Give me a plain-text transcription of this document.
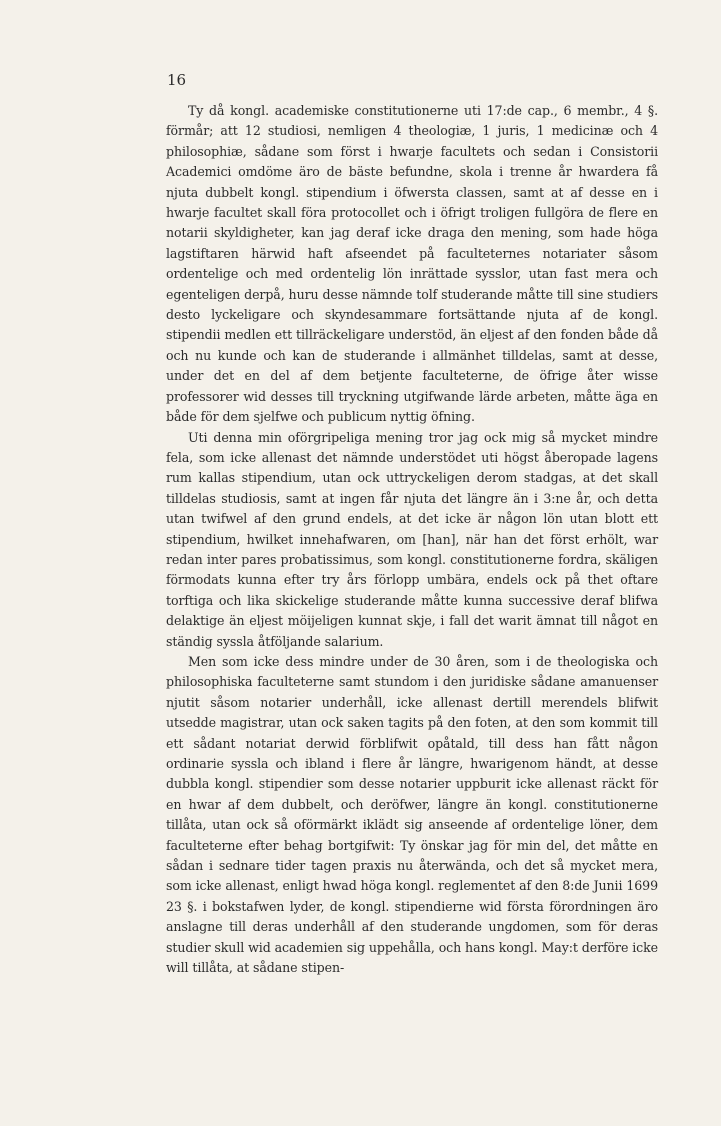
16

Ty då kongl. academiske constitutionerne uti 17:de cap., 6 membr., 4 §. förmår; att 12 studiosi, nemligen 4 theologiæ, 1 juris, 1 medicinæ och 4 philosophiæ, sådane som först i hwarje facultets och sedan i Consistorii Academici omdöme äro de bäste befundne, skola i trenne år hwardera få njuta dubbelt kongl. stipendium i öfwersta classen, samt at af desse en i hwarje facultet skall föra protocollet och i öfrigt troligen fullgöra de flere en notarii skyldigheter, kan jag deraf icke draga den mening, som hade höga lagstiftaren härwid haft afseendet på faculteternes notariater såsom ordentelige och med ordentelig lön inrättade sysslor, utan fast mera och egenteligen derpå, huru desse nämnde tolf studerande måtte till sine studiers desto lyckeligare och skyndesammare fortsättande njuta af de kongl. stipendii medlen ett tillräckeligare understöd, än eljest af den fonden både då och nu kunde och kan de studerande i allmänhet tilldelas, samt at desse, under det en del af dem betjente faculteterne, de öfrige åter wisse professorer wid desses till tryckning utgifwande lärde arbeten, måtte äga en både för dem sjelfwe och publicum nyttig öfning.

Uti denna min oförgripeliga mening tror jag ock mig så mycket mindre fela, som icke allenast det nämnde understödet uti högst åberopade lagens rum kallas stipendium, utan ock uttryckeligen derom stadgas, at det skall tilldelas studiosis, samt at ingen får njuta det längre än i 3:ne år, och detta utan twifwel af den grund endels, at det icke är någon lön utan blott ett stipendium, hwilket innehafwaren, om [han], när han det först erhölt, war redan inter pares probatissimus, som kongl. constitutionerne fordra, skäligen förmodats kunna efter try års förlopp umbära, endels ock på thet oftare torftiga och lika skickelige studerande måtte kunna successive deraf blifwa delaktige än eljest möijeligen kunnat skje, i fall det warit ämnat till något en ständig syssla åtföljande salarium.

Men som icke dess mindre under de 30 åren, som i de theologiska och philosophiska faculteterne samt stundom i den juridiske sådane amanuenser njutit såsom notarier underhåll, icke allenast dertill merendels blifwit utsedde magistrar, utan ock saken tagits på den foten, at den som kommit till ett sådant notariat derwid förblifwit opåtald, till dess han fått någon ordinarie syssla och ibland i flere år längre, hwarigenom händt, at desse dubbla kongl. stipendier som desse notarier uppburit icke allenast räckt för en hwar af dem dubbelt, och deröfwer, längre än kongl. constitutionerne tillåta, utan ock så oförmärkt iklädt sig anseende af ordentelige löner, dem faculteterne efter behag bortgifwit: Ty önskar jag för min del, det måtte en sådan i sednare tider tagen praxis nu återwända, och det så mycket mera, som icke allenast, enligt hwad höga kongl. reglementet af den 8:de Junii 1699 23 §. i bokstafwen lyder, de kongl. stipendierne wid första förordningen äro anslagne till deras underhåll af den studerande ungdomen, som för deras studier skull wid academien sig uppehålla, och hans kongl. May:t derföre icke will tillåta, at sådane stipen-
